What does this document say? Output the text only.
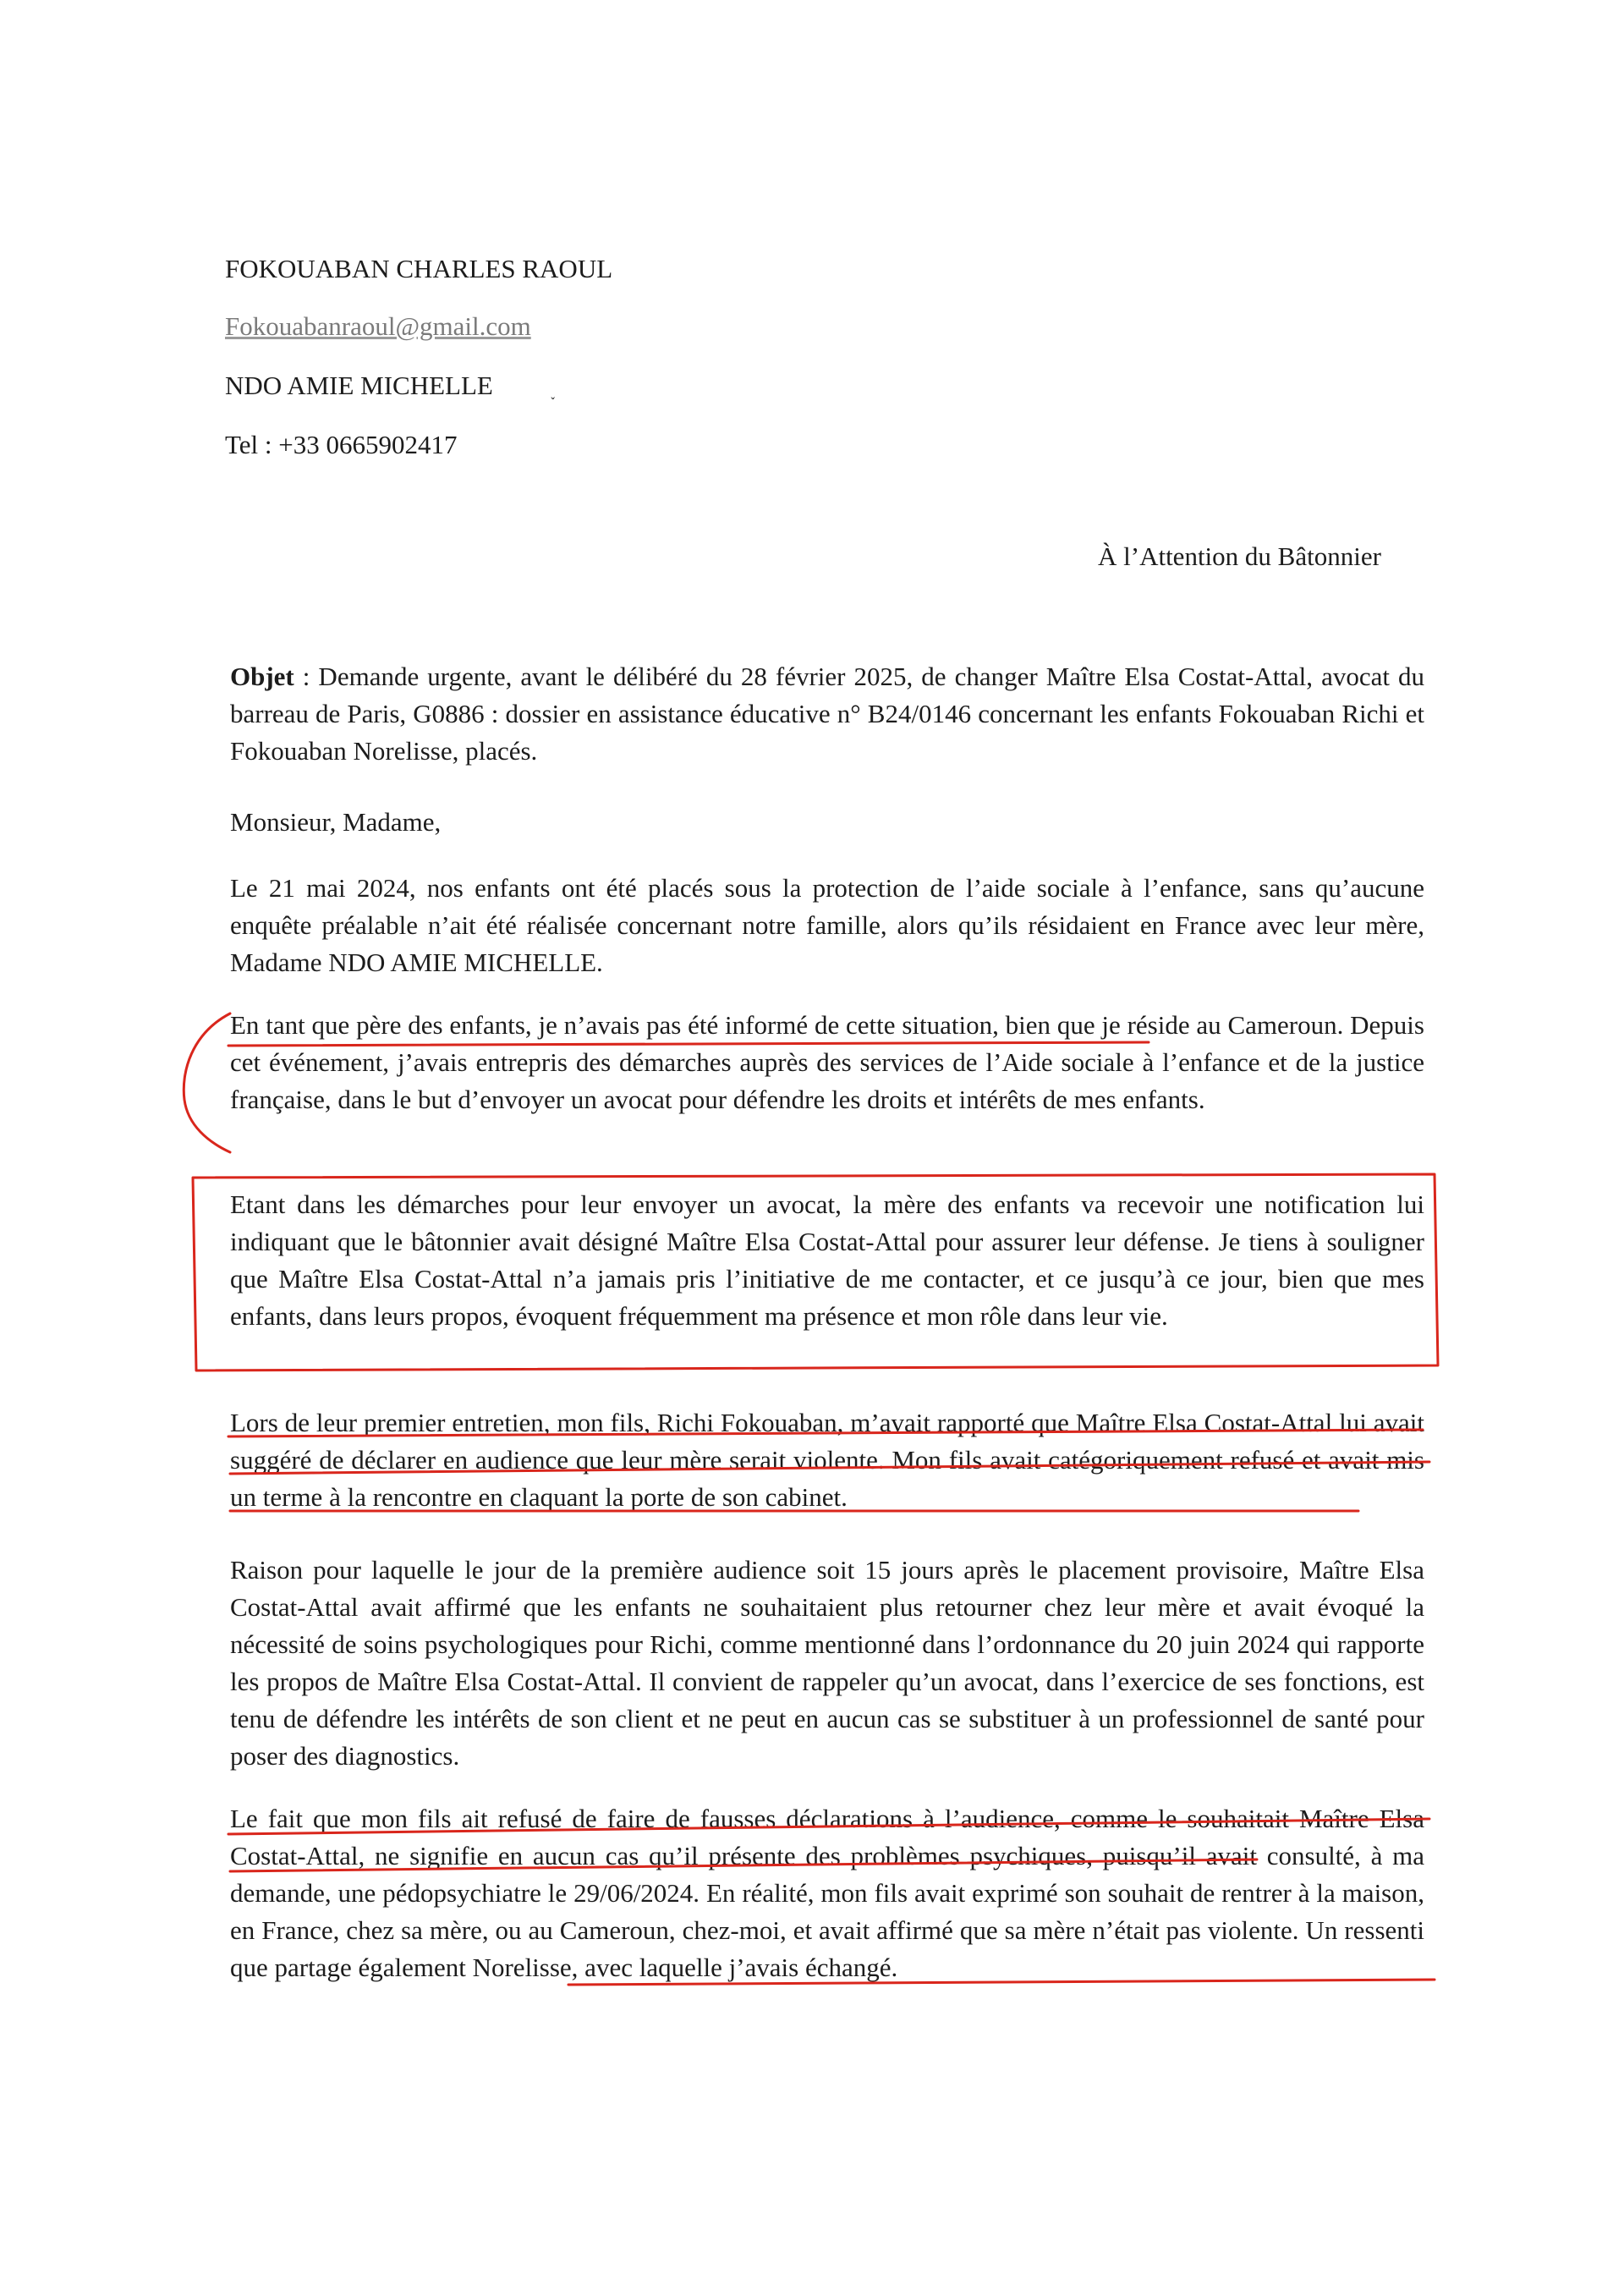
FOKOUABAN CHARLES RAOUL
Fokouabanraoul@gmail.com
NDO AMIE MICHELLE	˯
Tel : +33 0665902417
À l’Attention du Bâtonnier
Objet : Demande urgente, avant le délibéré du 28 février 2025, de changer Maître Elsa Costat-Attal, avocat du barreau de Paris, G0886 : dossier en assistance éducative n° B24/0146 concernant les enfants Fokouaban Richi et Fokouaban Norelisse, placés.
Monsieur, Madame,
Le 21 mai 2024, nos enfants ont été placés sous la protection de l’aide sociale à l’enfance, sans qu’aucune enquête préalable n’ait été réalisée concernant notre famille, alors qu’ils résidaient en France avec leur mère, Madame NDO AMIE MICHELLE.
En tant que père des enfants, je n’avais pas été informé de cette situation, bien que je réside au Cameroun. Depuis cet événement, j’avais entrepris des démarches auprès des services de l’Aide sociale à l’enfance et de la justice française, dans le but d’envoyer un avocat pour défendre les droits et intérêts de mes enfants.
Etant dans les démarches pour leur envoyer un avocat, la mère des enfants va recevoir une notification lui indiquant que le bâtonnier avait désigné Maître Elsa Costat-Attal pour assurer leur défense. Je tiens à souligner que Maître Elsa Costat-Attal n’a jamais pris l’initiative de me contacter, et ce jusqu’à ce jour, bien que mes enfants, dans leurs propos, évoquent fréquemment ma présence et mon rôle dans leur vie.
Lors de leur premier entretien, mon fils, Richi Fokouaban, m’avait rapporté que Maître Elsa Costat-Attal lui avait suggéré de déclarer en audience que leur mère serait violente. Mon fils avait catégoriquement refusé et avait mis un terme à la rencontre en claquant la porte de son cabinet.
Raison pour laquelle le jour de la première audience soit 15 jours après le placement provisoire, Maître Elsa Costat-Attal avait affirmé que les enfants ne souhaitaient plus retourner chez leur mère et avait évoqué la nécessité de soins psychologiques pour Richi, comme mentionné dans l’ordonnance du 20 juin 2024 qui rapporte les propos de Maître Elsa Costat-Attal. Il convient de rappeler qu’un avocat, dans l’exercice de ses fonctions, est tenu de défendre les intérêts de son client et ne peut en aucun cas se substituer à un professionnel de santé pour poser des diagnostics.
Le fait que mon fils ait refusé de faire de fausses déclarations à l’audience, comme le souhaitait Maître Elsa Costat-Attal, ne signifie en aucun cas qu’il présente des problèmes psychiques, puisqu’il avait consulté, à ma demande, une pédopsychiatre le 29/06/2024. En réalité, mon fils avait exprimé son souhait de rentrer à la maison, en France, chez sa mère, ou au Cameroun, chez-moi, et avait affirmé que sa mère n’était pas violente. Un ressenti que partage également Norelisse, avec laquelle j’avais échangé.
